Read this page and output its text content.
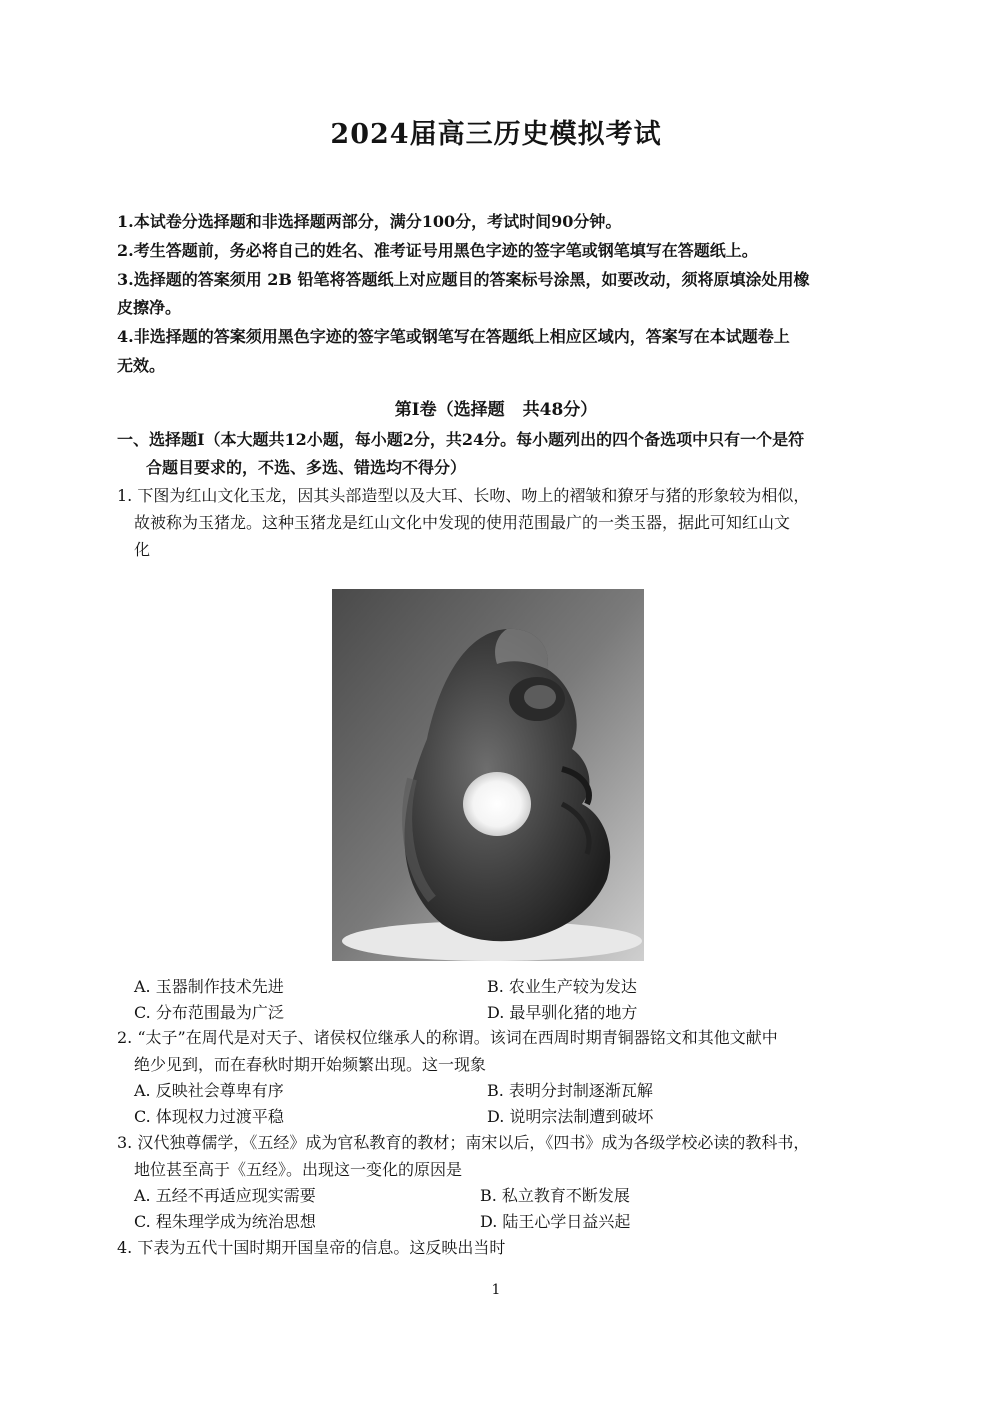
2024届高三历史模拟考试
1.本试卷分选择题和非选择题两部分，满分100分，考试时间90分钟。
2.考生答题前，务必将自己的姓名、准考证号用黑色字迹的签字笔或钢笔填写在答题纸上。
3.选择题的答案须用 2B 铅笔将答题纸上对应题目的答案标号涂黑，如要改动，须将原填涂处用橡
皮擦净。
4.非选择题的答案须用黑色字迹的签字笔或钢笔写在答题纸上相应区域内，答案写在本试题卷上
无效。
第Ⅰ卷（选择题 共48分）
一、选择题Ⅰ（本大题共12小题，每小题2分，共24分。每小题列出的四个备选项中只有一个是符
合题目要求的，不选、多选、错选均不得分）
1. 下图为红山文化玉龙，因其头部造型以及大耳、长吻、吻上的褶皱和獠牙与猪的形象较为相似，
故被称为玉猪龙。这种玉猪龙是红山文化中发现的使用范围最广的一类玉器，据此可知红山文
化
A. 玉器制作技术先进	B. 农业生产较为发达
C. 分布范围最为广泛	D. 最早驯化猪的地方
2. “太子”在周代是对天子、诸侯权位继承人的称谓。该词在西周时期青铜器铭文和其他文献中
绝少见到，而在春秋时期开始频繁出现。这一现象
A. 反映社会尊卑有序	B. 表明分封制逐渐瓦解
C. 体现权力过渡平稳	D. 说明宗法制遭到破坏
3. 汉代独尊儒学，《五经》成为官私教育的教材；南宋以后，《四书》成为各级学校必读的教科书，
地位甚至高于《五经》。出现这一变化的原因是
A. 五经不再适应现实需要	B. 私立教育不断发展
C. 程朱理学成为统治思想	D. 陆王心学日益兴起
4. 下表为五代十国时期开国皇帝的信息。这反映出当时
1
